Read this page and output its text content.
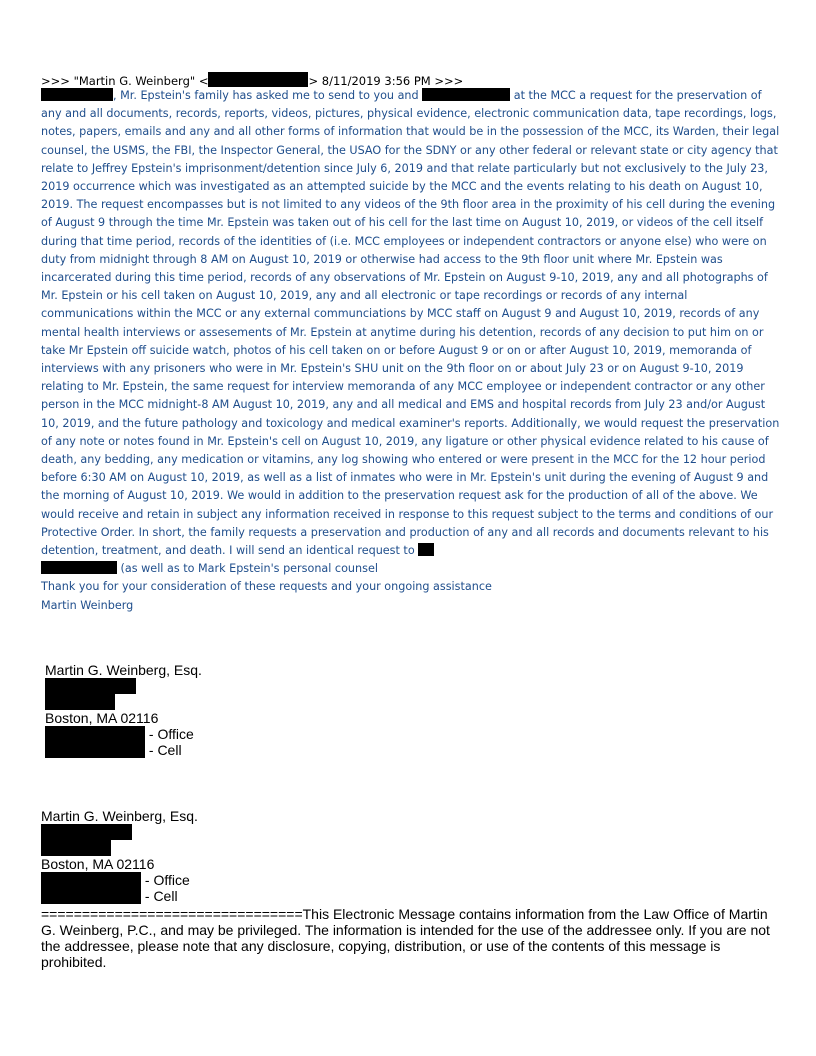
>>> "Martin G. Weinberg" <	> 8/11/2019 3:56 PM >>>

, Mr. Epstein's family has asked me to send to you and	at the MCC a request for the preservation of any and all documents, records, reports, videos, pictures, physical evidence, electronic communication data, tape recordings, logs, notes, papers, emails and any and all other forms of information that would be in the possession of the MCC, its Warden, their legal counsel, the USMS, the FBI, the Inspector General, the USAO for the SDNY or any other federal or relevant state or city agency that relate to Jeffrey Epstein's imprisonment/detention since July 6, 2019 and that relate particularly but not exclusively to the July 23, 2019 occurrence which was investigated as an attempted suicide by the MCC and the events relating to his death on August 10, 2019. The request encompasses but is not limited to any videos of the 9th floor area in the proximity of his cell during the evening of August 9 through the time Mr. Epstein was taken out of his cell for the last time on August 10, 2019, or videos of the cell itself during that time period, records of the identities of (i.e. MCC employees or independent contractors or anyone else) who were on duty from midnight through 8 AM on August 10, 2019 or otherwise had access to the 9th floor unit where Mr. Epstein was incarcerated during this time period, records of any observations of Mr. Epstein on August 9-10, 2019, any and all photographs of Mr. Epstein or his cell taken on August 10, 2019, any and all electronic or tape recordings or records of any internal communications within the MCC or any external communciations by MCC staff on August 9 and August 10, 2019, records of any mental health interviews or assesements of Mr. Epstein at anytime during his detention, records of any decision to put him on or take Mr Epstein off suicide watch, photos of his cell taken on or before August 9 or on or after August 10, 2019, memoranda of interviews with any prisoners who were in Mr. Epstein's SHU unit on the 9th floor on or about July 23 or on August 9-10, 2019 relating to Mr. Epstein, the same request for interview memoranda of any MCC employee or independent contractor or any other person in the MCC midnight-8 AM August 10, 2019, any and all medical and EMS and hospital records from July 23 and/or August 10, 2019, and the future pathology and toxicology and medical examiner's reports. Additionally, we would request the preservation of any note or notes found in Mr. Epstein's cell on August 10, 2019, any ligature or other physical evidence related to his cause of death, any bedding, any medication or vitamins, any log showing who entered or were present in the MCC for the 12 hour period before 6:30 AM on August 10, 2019, as well as a list of inmates who were in Mr. Epstein's unit during the evening of August 9 and the morning of August 10, 2019. We would in addition to the preservation request ask for the production of all of the above. We would receive and retain in subject any information received in response to this request subject to the terms and conditions of our Protective Order. In short, the family requests a preservation and production of any and all records and documents relevant to his detention, treatment, and death. I will send an identical request to
(as well as to Mark Epstein's personal counsel

Thank you for your consideration of these requests and your ongoing assistance

Martin Weinberg

Martin G. Weinberg, Esq.
Boston, MA 02116
- Office
- Cell
Martin G. Weinberg, Esq.
Boston, MA 02116
- Office
- Cell

================================This Electronic Message contains information from the Law Office of Martin G. Weinberg, P.C., and may be privileged. The information is intended for the use of the addressee only. If you are not the addressee, please note that any disclosure, copying, distribution, or use of the contents of this message is prohibited.
